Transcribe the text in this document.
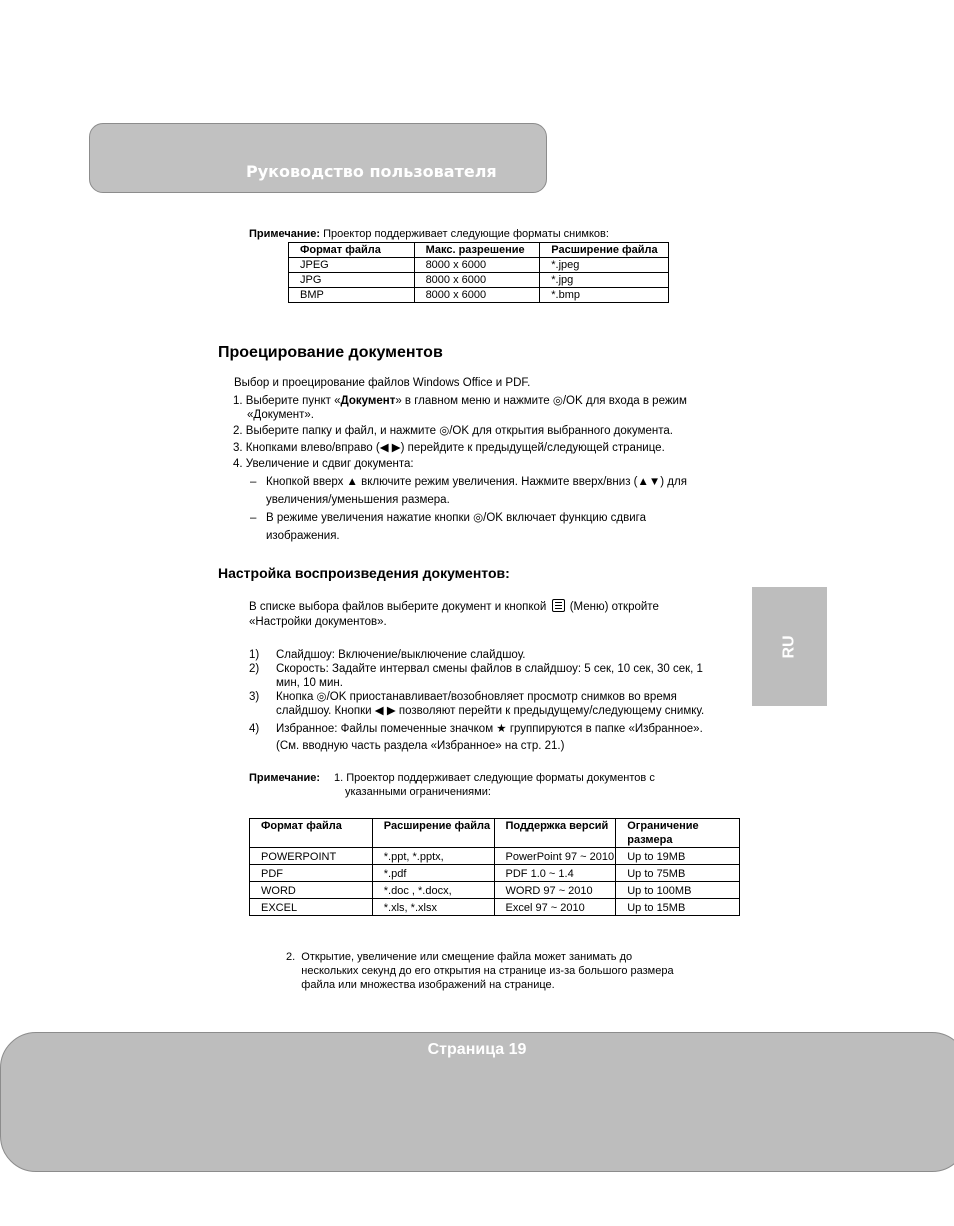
Руководство пользователя
RU
Примечание: Проектор поддерживает следующие форматы снимков:
Формат файла	Макс. разрешение	Расширение файла
JPEG	8000 x 6000	*.jpeg
JPG	8000 x 6000	*.jpg
BMP	8000 x 6000	*.bmp
Проецирование документов
Выбор и проецирование файлов Windows Office и PDF.
1. Выберите пункт «Документ» в главном меню и нажмите ◎/OK для входа в режим
«Документ».
2. Выберите папку и файл, и нажмите ◎/OK для открытия выбранного документа.
3. Кнопками влево/вправо (◀ ▶) перейдите к предыдущей/следующей странице.
4. Увеличение и сдвиг документа:
– Кнопкой вверх ▲ включите режим увеличения. Нажмите вверх/вниз (▲▼) для
увеличения/уменьшения размера.
– В режиме увеличения нажатие кнопки ◎/OK включает функцию сдвига
изображения.
Настройка воспроизведения документов:
В списке выбора файлов выберите документ и кнопкой  (Меню) откройте
«Настройки документов».
1) Слайдшоу: Включение/выключение слайдшоу.
2) Скорость: Задайте интервал смены файлов в слайдшоу: 5 сек, 10 сек, 30 сек, 1
мин, 10 мин.
3) Кнопка ◎/OK приостанавливает/возобновляет просмотр снимков во время
слайдшоу. Кнопки ◀ ▶ позволяют перейти к предыдущему/следующему снимку.
4) Избранное: Файлы помеченные значком ★ группируются в папке «Избранное».
(См. вводную часть раздела «Избранное» на стр. 21.)
Примечание: 1. Проектор поддерживает следующие форматы документов с
указанными ограничениями:
Формат файла	Расширение файла	Поддержка версий	Ограничение размера
POWERPOINT	*.ppt, *.pptx,	PowerPoint 97 ~ 2010	Up to 19MB
PDF	*.pdf	PDF 1.0 ~ 1.4	Up to 75MB
WORD	*.doc , *.docx,	WORD 97 ~ 2010	Up to 100MB
EXCEL	*.xls, *.xlsx	Excel 97 ~ 2010	Up to 15MB
2.  Открытие, увеличение или смещение файла может занимать до
нескольких секунд до его открытия на странице из-за большого размера
файла или множества изображений на странице.
Страница 19
